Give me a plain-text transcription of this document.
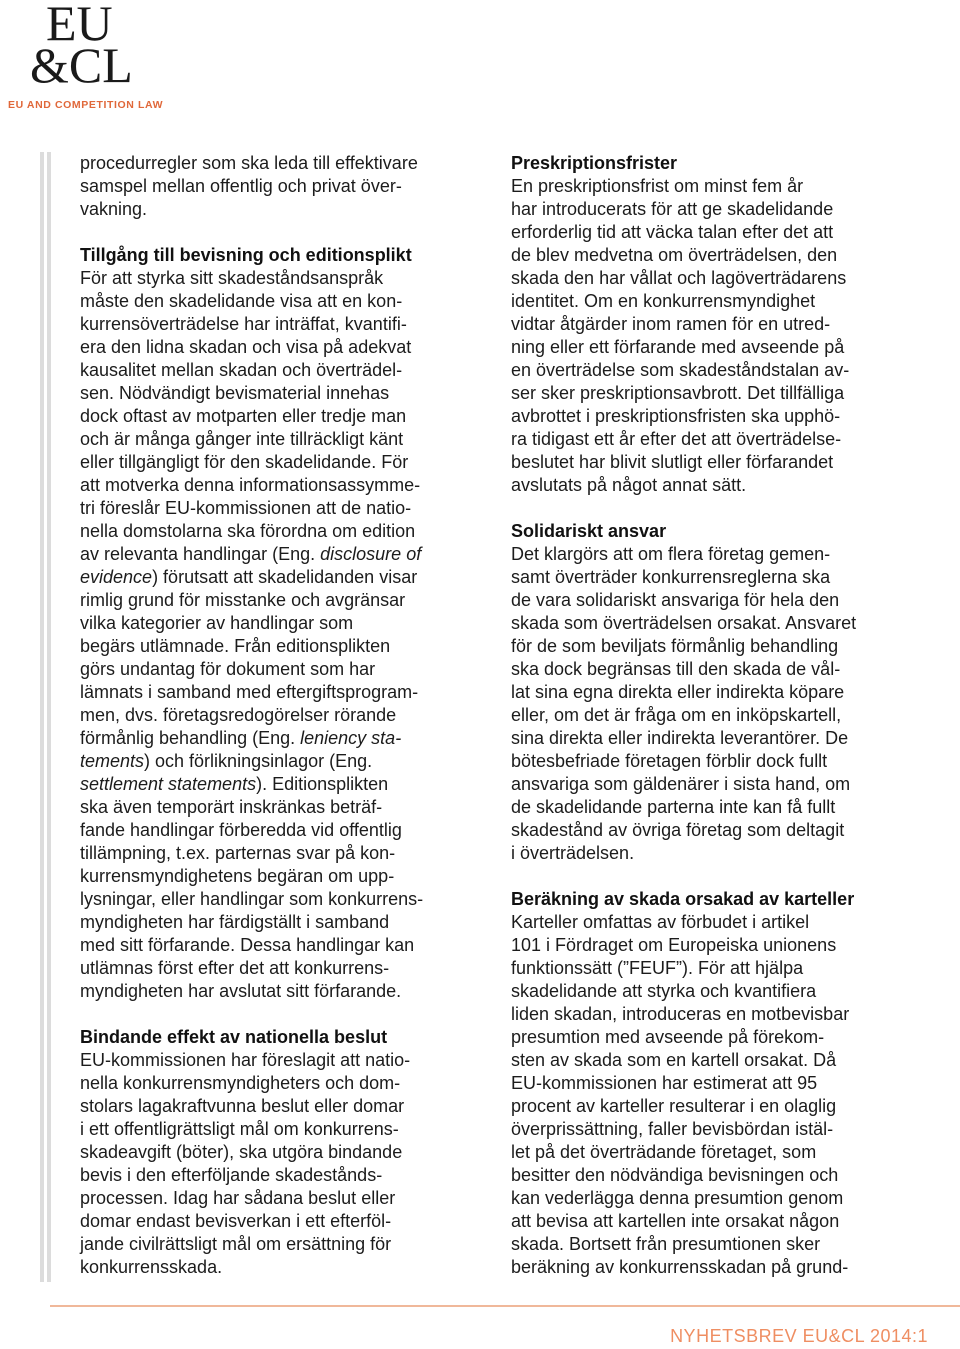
EU
&CL
EU AND COMPETITION LAW

procedurregler som ska leda till effektivare
samspel mellan offentlig och privat över-
vakning.

Tillgång till bevisning och editionsplikt

För att styrka sitt skadeståndsanspråk
måste den skadelidande visa att en kon-
kurrensöverträdelse har inträffat, kvantifi-
era den lidna skadan och visa på adekvat
kausalitet mellan skadan och överträdel-
sen. Nödvändigt bevismaterial innehas
dock oftast av motparten eller tredje man
och är många gånger inte tillräckligt känt
eller tillgängligt för den skadelidande. För
att motverka denna informationsassymme-
tri föreslår EU-kommissionen att de natio-
nella domstolarna ska förordna om edition
av relevanta handlingar (Eng. disclosure of
evidence) förutsatt att skadelidanden visar
rimlig grund för misstanke och avgränsar
vilka kategorier av handlingar som
begärs utlämnade. Från editionsplikten
görs undantag för dokument som har
lämnats i samband med eftergiftsprogram-
men, dvs. företagsredogörelser rörande
förmånlig behandling (Eng. leniency sta-
tements) och förlikningsinlagor (Eng.
settlement statements). Editionsplikten
ska även temporärt inskränkas beträf-
fande handlingar förberedda vid offentlig
tillämpning, t.ex. parternas svar på kon-
kurrensmyndighetens begäran om upp-
lysningar, eller handlingar som konkurrens-
myndigheten har färdigställt i samband
med sitt förfarande. Dessa handlingar kan
utlämnas först efter det att konkurrens-
myndigheten har avslutat sitt förfarande.

Bindande effekt av nationella beslut

EU-kommissionen har föreslagit att natio-
nella konkurrensmyndigheters och dom-
stolars lagakraftvunna beslut eller domar
i ett offentligrättsligt mål om konkurrens-
skadeavgift (böter), ska utgöra bindande
bevis i den efterföljande skadestånds-
processen. Idag har sådana beslut eller
domar endast bevisverkan i ett efterföl-
jande civilrättsligt mål om ersättning för
konkurrensskada.

Preskriptionsfrister

En preskriptionsfrist om minst fem år
har introducerats för att ge skadelidande
erforderlig tid att väcka talan efter det att
de blev medvetna om överträdelsen, den
skada den har vållat och lagöverträdarens
identitet. Om en konkurrensmyndighet
vidtar åtgärder inom ramen för en utred-
ning eller ett förfarande med avseende på
en överträdelse som skadeståndstalan av-
ser sker preskriptionsavbrott. Det tillfälliga
avbrottet i preskriptionsfristen ska upphö-
ra tidigast ett år efter det att överträdelse-
beslutet har blivit slutligt eller förfarandet
avslutats på något annat sätt.

Solidariskt ansvar

Det klargörs att om flera företag gemen-
samt överträder konkurrensreglerna ska
de vara solidariskt ansvariga för hela den
skada som överträdelsen orsakat. Ansvaret
för de som beviljats förmånlig behandling
ska dock begränsas till den skada de vål-
lat sina egna direkta eller indirekta köpare
eller, om det är fråga om en inköpskartell,
sina direkta eller indirekta leverantörer. De
bötesbefriade företagen förblir dock fullt
ansvariga som gäldenärer i sista hand, om
de skadelidande parterna inte kan få fullt
skadestånd av övriga företag som deltagit
i överträdelsen.

Beräkning av skada orsakad av karteller

Karteller omfattas av förbudet i artikel
101 i Fördraget om Europeiska unionens
funktionssätt (”FEUF”). För att hjälpa
skadelidande att styrka och kvantifiera
liden skadan, introduceras en motbevisbar
presumtion med avseende på förekom-
sten av skada som en kartell orsakat. Då
EU-kommissionen har estimerat att 95
procent av karteller resulterar i en olaglig
överprissättning, faller bevisbördan istäl-
let på det överträdande företaget, som
besitter den nödvändiga bevisningen och
kan vederlägga denna presumtion genom
att bevisa att kartellen inte orsakat någon
skada. Bortsett från presumtionen sker
beräkning av konkurrensskadan på grund-

NYHETSBREV EU&CL 2014:1
